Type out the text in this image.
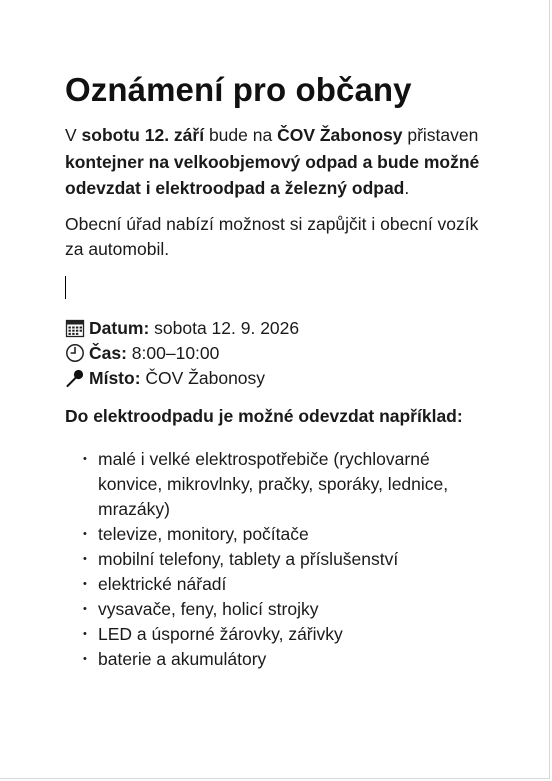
Oznámení pro občany

V sobotu 12. září bude na ČOV Žabonosy přistaven kontejner na velkoobjemový odpad a bude možné odevzdat i elektroodpad a železný odpad.

Obecní úřad nabízí možnost si zapůjčit i obecní vozík za automobil.

Datum: sobota 12. 9. 2026
Čas: 8:00–10:00
Místo: ČOV Žabonosy

Do elektroodpadu je možné odevzdat například:

• malé i velké elektrospotřebiče (rychlovarné konvice, mikrovlnky, pračky, sporáky, lednice, mrazáky)
• televize, monitory, počítače
• mobilní telefony, tablety a příslušenství
• elektrické nářadí
• vysavače, feny, holicí strojky
• LED a úsporné žárovky, zářivky
• baterie a akumulátory
